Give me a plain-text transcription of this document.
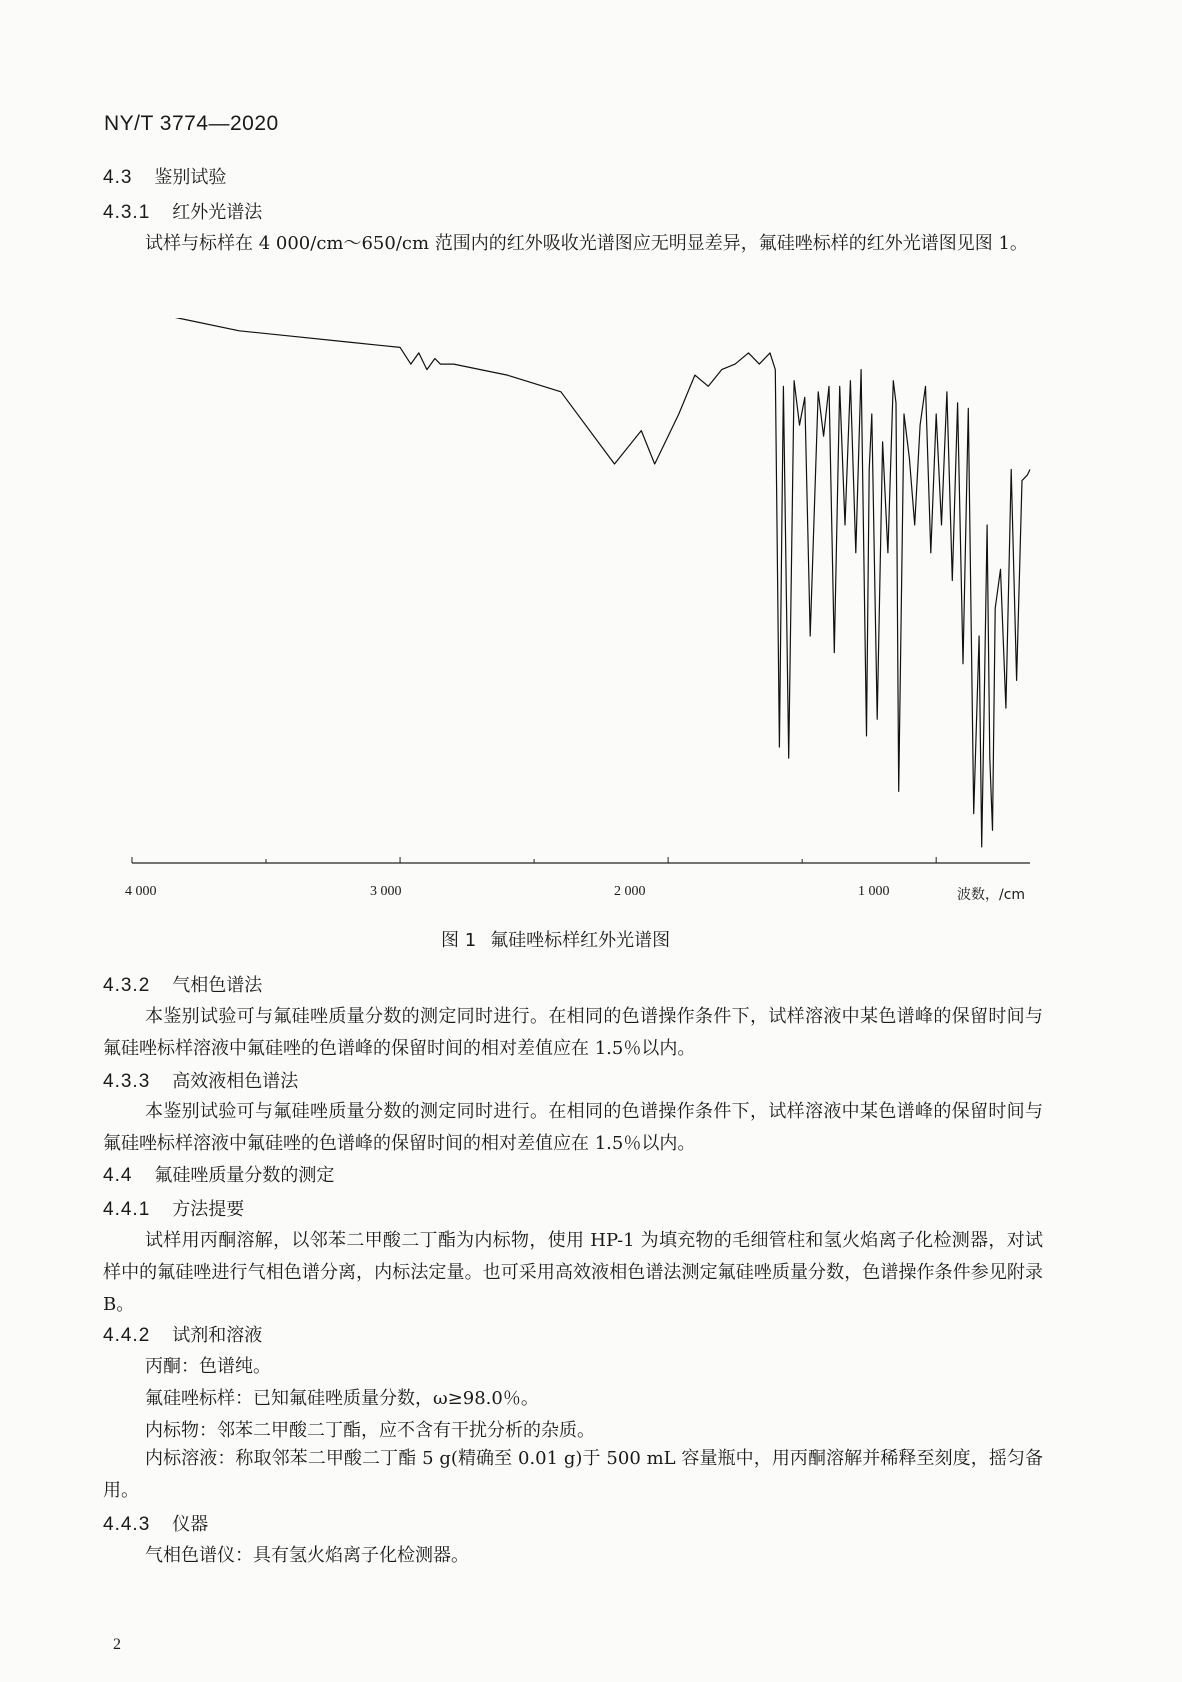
NY/T 3774—2020
4.3 鉴别试验
4.3.1 红外光谱法
试样与标样在 4 000/cm～650/cm 范围内的红外吸收光谱图应无明显差异，氟硅唑标样的红外光谱图见图 1。
4 000	3 000	2 000	1 000	波数，/cm
图 1 氟硅唑标样红外光谱图
4.3.2 气相色谱法
本鉴别试验可与氟硅唑质量分数的测定同时进行。在相同的色谱操作条件下，试样溶液中某色谱峰的保留时间与氟硅唑标样溶液中氟硅唑的色谱峰的保留时间的相对差值应在 1.5％以内。
4.3.3 高效液相色谱法
本鉴别试验可与氟硅唑质量分数的测定同时进行。在相同的色谱操作条件下，试样溶液中某色谱峰的保留时间与氟硅唑标样溶液中氟硅唑的色谱峰的保留时间的相对差值应在 1.5％以内。
4.4 氟硅唑质量分数的测定
4.4.1 方法提要
试样用丙酮溶解，以邻苯二甲酸二丁酯为内标物，使用 HP-1 为填充物的毛细管柱和氢火焰离子化检测器，对试样中的氟硅唑进行气相色谱分离，内标法定量。也可采用高效液相色谱法测定氟硅唑质量分数，色谱操作条件参见附录 B。
4.4.2 试剂和溶液
丙酮：色谱纯。
氟硅唑标样：已知氟硅唑质量分数，ω≥98.0％。
内标物：邻苯二甲酸二丁酯，应不含有干扰分析的杂质。
内标溶液：称取邻苯二甲酸二丁酯 5 g(精确至 0.01 g)于 500 mL 容量瓶中，用丙酮溶解并稀释至刻度，摇匀备用。
4.4.3 仪器
气相色谱仪：具有氢火焰离子化检测器。
2
